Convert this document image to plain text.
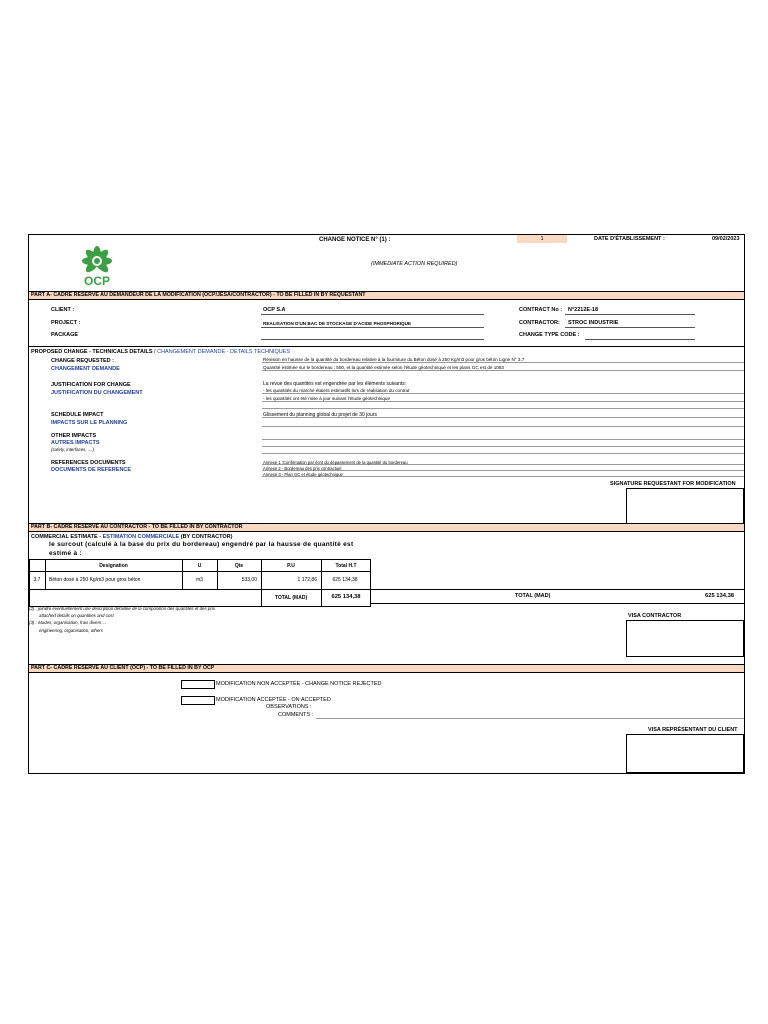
OCP
CHANGE NOTICE N° (1) :	1	DATE D'ÉTABLISSEMENT :	09/02/2023
(IMMEDIATE ACTION REQUIRED)
PART A- CADRE RESERVE AU DEMANDEUR DE LA MODIFICATION (OCP/JESA/CONTRACTOR) - TO BE FILLED IN BY REQUESTANT
CLIENT :	OCP S.A	CONTRACT No : N°2212E-18
PROJECT :	REALISATION D'UN BAC DE STOCKAGE D'ACIDE PHOSPHORIQUE	CONTRACTOR: STROC INDUSTRIE
PACKAGE	CHANGE TYPE CODE :
PROPOSED CHANGE - TECHNICALS DETAILS / CHANGEMENT DEMANDE - DETAILS TECHNIQUES
CHANGE REQUESTED :
CHANGEMENT DEMANDE
Révision en hausse de la quantité du bordereau relative à la fourniture du Béton dosé à 250 Kg/m3 pour gros béton Ligne N° 3.7
Quantité estimée sur le bordereau : 550, et la quantité estimée selon l'étude géotechnique et les plans GC est de 1083
JUSTIFICATION FOR CHANGE
JUSTIFICATION DU CHANGEMENT
La revue des quantités est engendrée par les éléments suivants:
- les quantités du marché étaient estimatifs lors de réalisation du contrat
- les quantités ont été mise à jour suivant l'étude géotechnique
SCHEDULE IMPACT
IMPACTS SUR LE PLANNING
Glissement du planning global du projet de 30 jours
OTHER IMPACTS
AUTRES IMPACTS
(safety, interfaces, ....)
REFERENCES DOCUMENTS
DOCUMENTS DE REFERENCE
Annexe 1 :Confirmation par écrit du dépassement de la quantité du bordereau
Annexe 2 - Bordereau des prix contractuel
Annexe 3 - Plan GC et étude géotechnique
SIGNATURE REQUESTANT FOR MODIFICATION
PART B- CADRE RESERVE AU CONTRACTOR - TO BE FILLED IN BY CONTRACTOR
COMMERCIAL ESTIMATE - ESTIMATION COMMERCIALE (BY CONTRACTOR)
le surcout (calculé à la base du prix du bordereau) engendré par la hausse de quantité est
estimé à :
Designation	U	Qte	P.U	Total H.T
3.7	Béton dosé à 250 Kg/m3 pour gros béton	m3	533,00	1 172,86	625 134,38
TOTAL (MAD)	625 134,38	TOTAL (MAD)	625 134,38
(2) : joindre éventuellement une description détaillée de la composition des quantités et des prix
attached details on quantities and cost
(3) : études, organisation, frais divers ...
engineering, organisation, others
VISA CONTRACTOR
PART C- CADRE RESERVE AU CLIENT (OCP) - TO BE FILLED IN BY OCP
MODIFICATION NON ACCEPTÉE - CHANGE NOTICE REJECTED
MODIFICATION ACCEPTÉE - ON ACCEPTED
OBSERVATIONS :
COMMENTS :
VISA REPRÉSENTANT DU CLIENT
